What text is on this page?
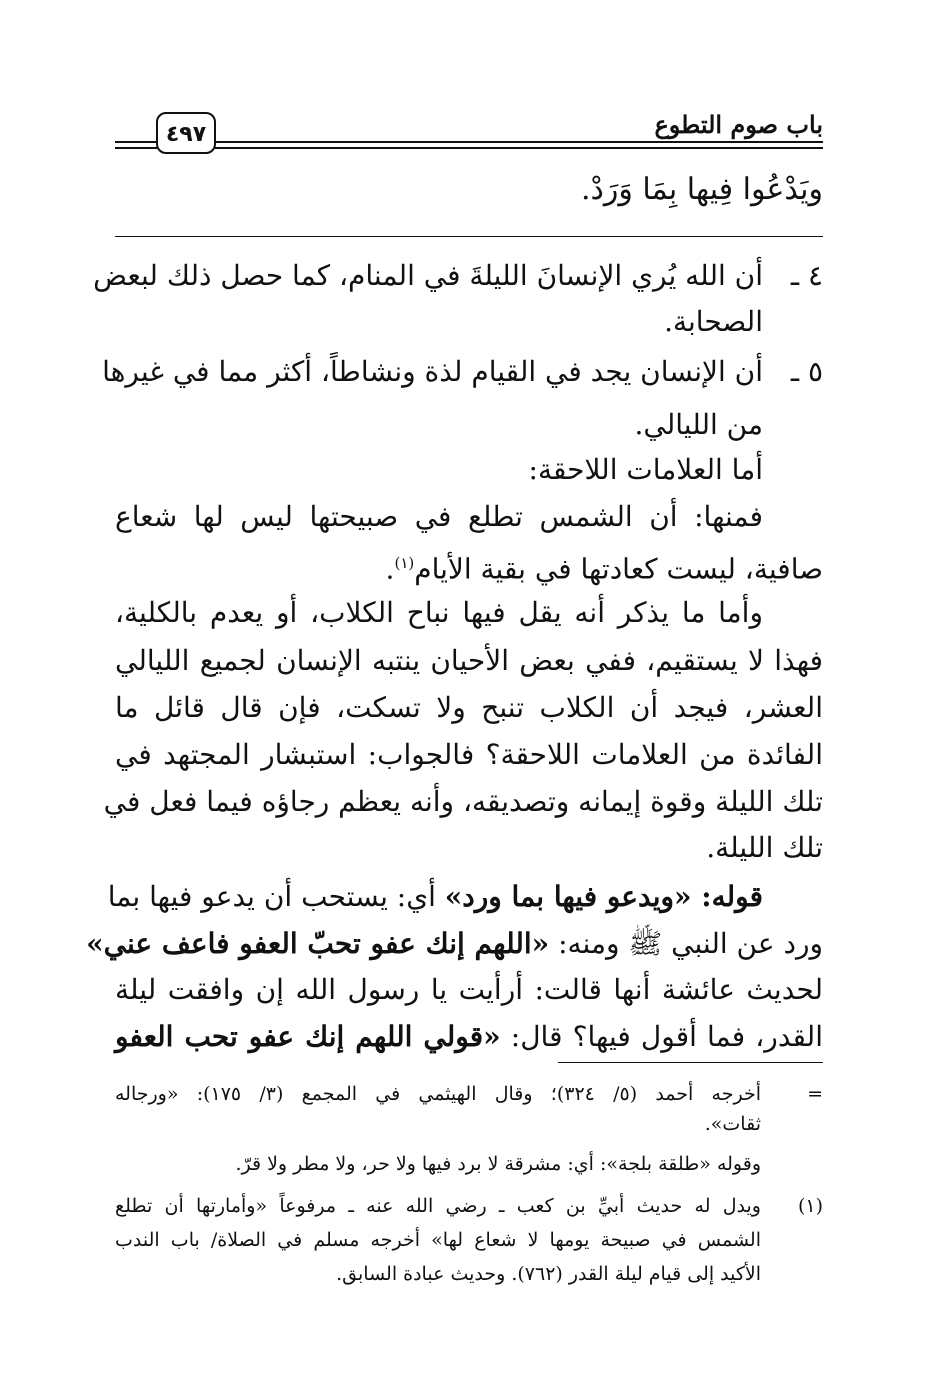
باب صوم التطوع
٤٩٧
ويَدْعُوا فِيها بِمَا وَرَدْ.
٤ ـ
أن الله يُري الإنسانَ الليلةَ في المنام، كما حصل ذلك لبعض
الصحابة.
٥ ـ
أن الإنسان يجد في القيام لذة ونشاطاً، أكثر مما في غيرها
من الليالي.
أما العلامات اللاحقة:
فمنها: أن الشمس تطلع في صبيحتها ليس لها شعاع
صافية، ليست كعادتها في بقية الأيام$^{(١)}$.
وأما ما يذكر أنه يقل فيها نباح الكلاب، أو يعدم بالكلية،
فهذا لا يستقيم، ففي بعض الأحيان ينتبه الإنسان لجميع الليالي
العشر، فيجد أن الكلاب تنبح ولا تسكت، فإن قال قائل ما
الفائدة من العلامات اللاحقة؟ فالجواب: استبشار المجتهد في
تلك الليلة وقوة إيمانه وتصديقه، وأنه يعظم رجاؤه فيما فعل في
تلك الليلة.
قوله: «ويدعو فيها بما ورد» أي: يستحب أن يدعو فيها بما
ورد عن النبي ﷺ ومنه: «اللهم إنك عفو تحبّ العفو فاعف عني»
لحديث عائشة أنها قالت: أرأيت يا رسول الله إن وافقت ليلة
القدر، فما أقول فيها؟ قال: «قولي اللهم إنك عفو تحب العفو
=
أخرجه أحمد (٥/ ٣٢٤)؛ وقال الهيثمي في المجمع (٣/ ١٧٥): «ورجاله
ثقات».
وقوله «طلقة بلجة»: أي: مشرقة لا برد فيها ولا حر، ولا مطر ولا قرّ.
(١)
ويدل له حديث أبيِّ بن كعب ـ رضي الله عنه ـ مرفوعاً «وأمارتها أن تطلع
الشمس في صبيحة يومها لا شعاع لها» أخرجه مسلم في الصلاة/ باب الندب
الأكيد إلى قيام ليلة القدر (٧٦٢). وحديث عبادة السابق.
